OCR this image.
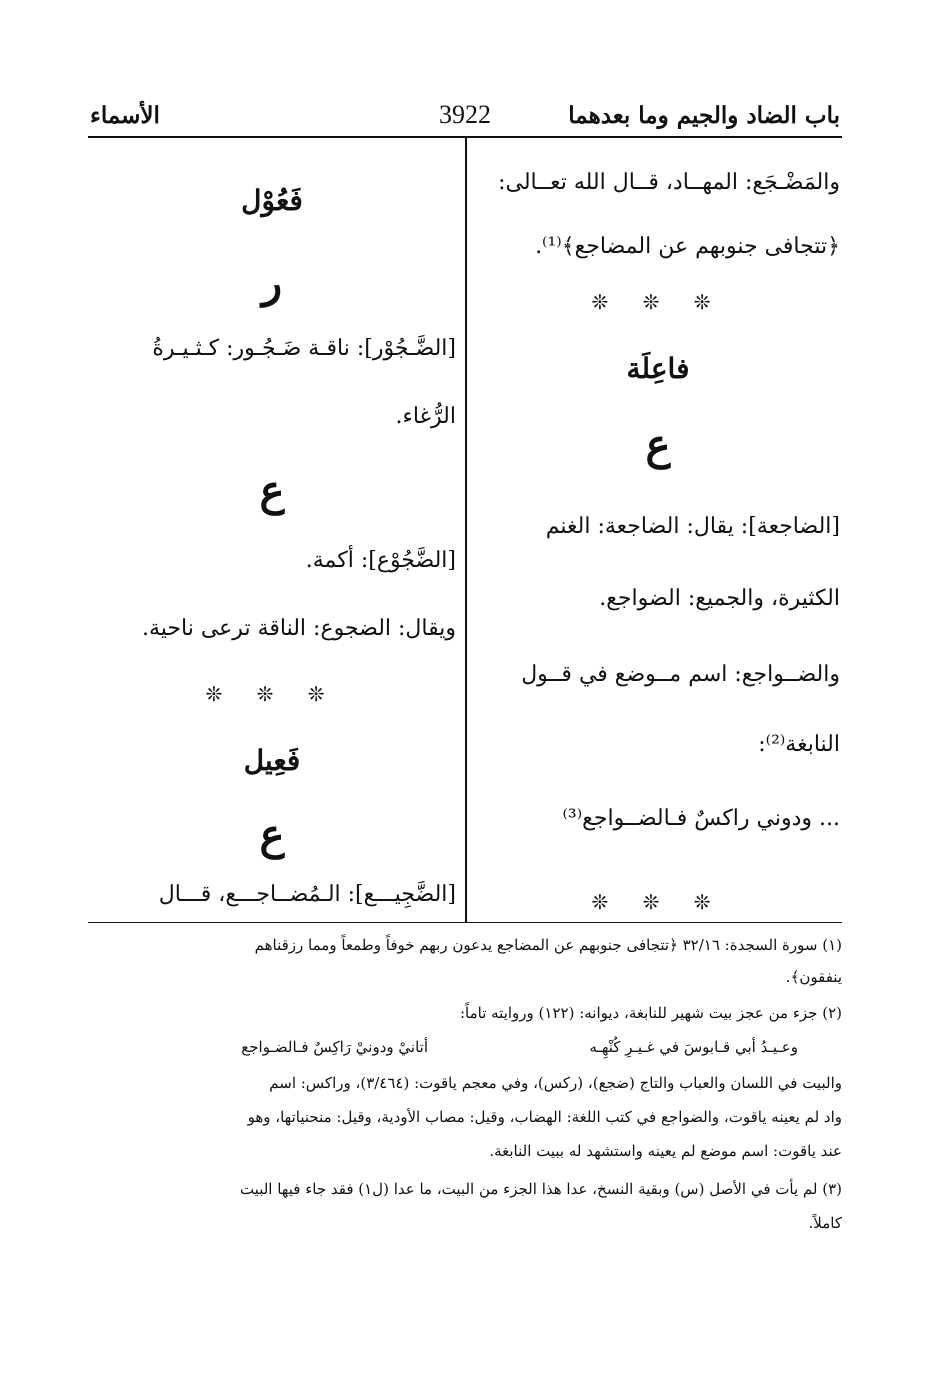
باب الضاد والجيم وما بعدهما
3922
الأسماء
والمَضْـجَع: المهــاد، قــال الله تعــالى:
﴿تتجافى جنوبهم عن المضاجع﴾⁽¹⁾.
❊ ❊ ❊
فاعِلَة
ع
[الضاجعة]: يقال: الضاجعة: الغنم
الكثيرة، والجميع: الضواجع.
والضــواجع: اسم مــوضع في قــول
النابغة⁽²⁾:
... ودوني راكسٌ فـالضــواجع⁽³⁾
❊ ❊ ❊
فَعُوْل
ر
[الضَّـجُوْر]: ناقـة ضَـجُـور: كـثـيـرةُ
الرُّغاء.
ع
[الضَّجُوْع]: أكمة.
ويقال: الضجوع: الناقة ترعى ناحية.
❊ ❊ ❊
فَعِيل
ع
[الضَّجِيـــع]: الـمُضــاجـــع، قـــال
(١) سورة السجدة: ٣٢/١٦ ﴿تتجافى جنوبهم عن المضاجع يدعون ربهم خوفاً وطمعاً ومما رزقناهم
ينفقون﴾.
(٢) جزء من عجز بيت شهير للنابغة، ديوانه: (١٢٢) وروايته تاماً:
وعـيـدُ أبي قـابوسَ في غـيـرِ كُنْهِـه
أتانيْ ودونيْ رَاكِسٌ فـالضـواجع
والبيت في اللسان والعباب والتاج (ضجع)، (ركس)، وفي معجم ياقوت: (٣/٤٦٤)، وراكس: اسم
واد لم يعينه ياقوت، والضواجع في كتب اللغة: الهضاب، وقيل: مصاب الأودية، وقيل: منحنياتها، وهو
عند ياقوت: اسم موضع لم يعينه واستشهد له ببيت النابغة.
(٣) لم يأت في الأصل (س) وبقية النسخ، عدا هذا الجزء من البيت، ما عدا (ل١) فقد جاء فيها البيت
كاملاً.
